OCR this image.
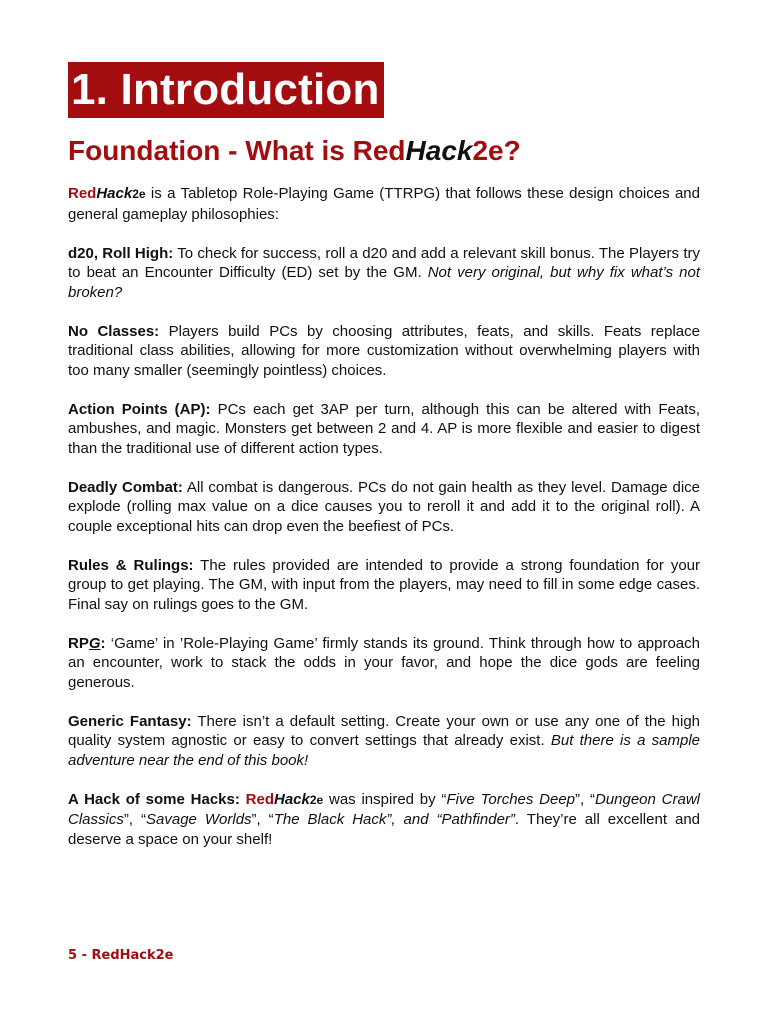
1. Introduction
Foundation - What is RedHack2e?

RedHack2e is a Tabletop Role-Playing Game (TTRPG) that follows these design choices and general gameplay philosophies:

d20, Roll High: To check for success, roll a d20 and add a relevant skill bonus. The Players try to beat an Encounter Difficulty (ED) set by the GM. Not very original, but why fix what’s not broken?

No Classes: Players build PCs by choosing attributes, feats, and skills. Feats replace traditional class abilities, allowing for more customization without overwhelming players with too many smaller (seemingly pointless) choices.

Action Points (AP): PCs each get 3AP per turn, although this can be altered with Feats, ambushes, and magic. Monsters get between 2 and 4. AP is more flexible and easier to digest than the traditional use of different action types.

Deadly Combat: All combat is dangerous. PCs do not gain health as they level. Damage dice explode (rolling max value on a dice causes you to reroll it and add it to the original roll). A couple exceptional hits can drop even the beefiest of PCs.

Rules & Rulings: The rules provided are intended to provide a strong foundation for your group to get playing. The GM, with input from the players, may need to fill in some edge cases. Final say on rulings goes to the GM.

RPG: ‘Game’ in ’Role-Playing Game’ firmly stands its ground. Think through how to approach an encounter, work to stack the odds in your favor, and hope the dice gods are feeling generous.

Generic Fantasy: There isn’t a default setting. Create your own or use any one of the high quality system agnostic or easy to convert settings that already exist. But there is a sample adventure near the end of this book!

A Hack of some Hacks: RedHack2e was inspired by “Five Torches Deep”, “Dungeon Crawl Classics”, “Savage Worlds”, “The Black Hack”, and “Pathfinder”. They’re all excellent and deserve a space on your shelf!

5 - RedHack2e
